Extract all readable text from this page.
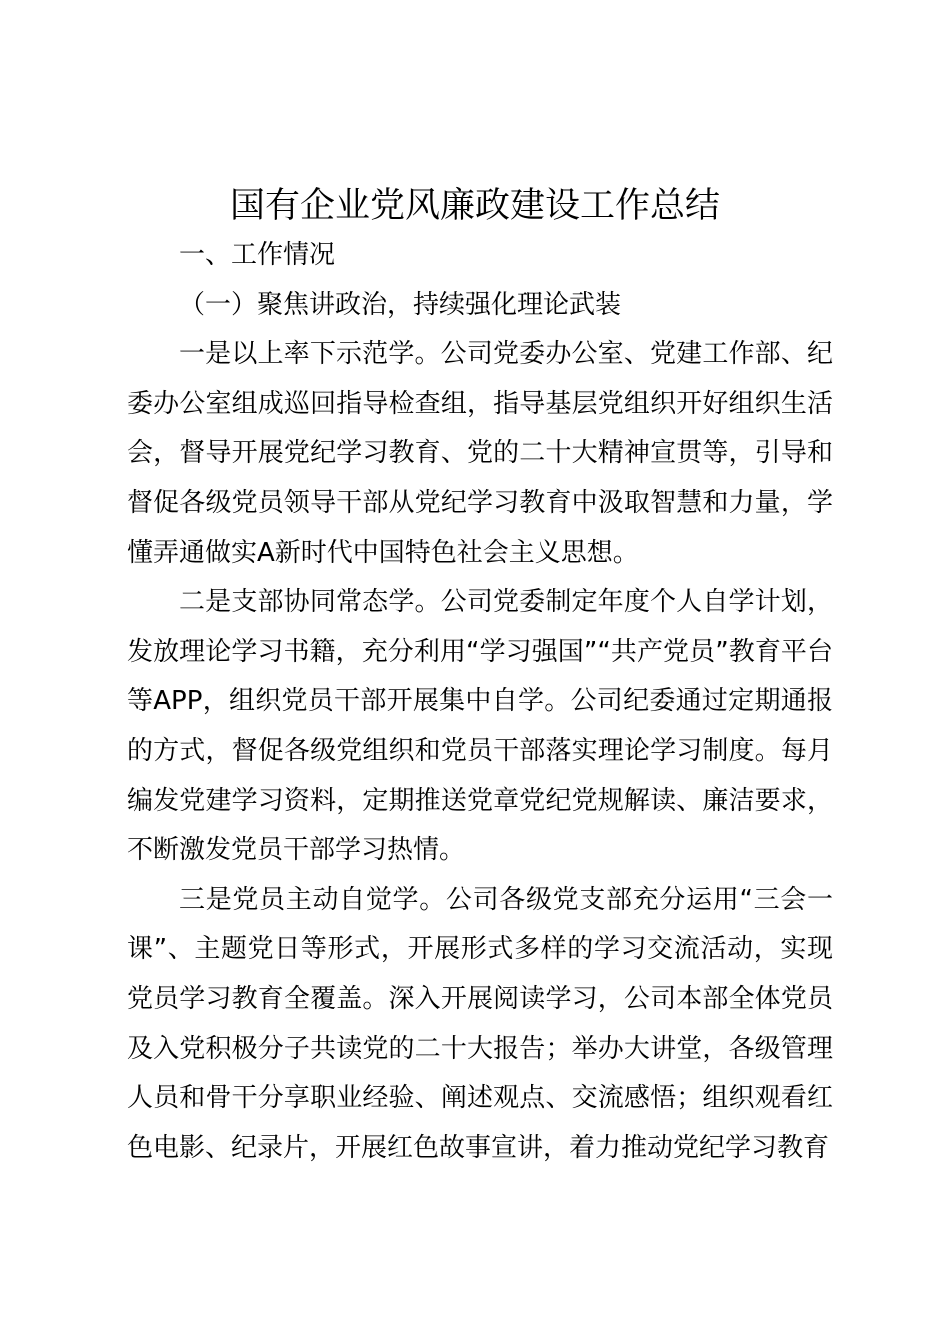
国有企业党风廉政建设工作总结

一、工作情况

（一）聚焦讲政治，持续强化理论武装

一是以上率下示范学。公司党委办公室、党建工作部、纪委办公室组成巡回指导检查组，指导基层党组织开好组织生活会，督导开展党纪学习教育、党的二十大精神宣贯等，引导和督促各级党员领导干部从党纪学习教育中汲取智慧和力量，学懂弄通做实A新时代中国特色社会主义思想。

二是支部协同常态学。公司党委制定年度个人自学计划，发放理论学习书籍，充分利用“学习强国”“共产党员”教育平台等APP，组织党员干部开展集中自学。公司纪委通过定期通报的方式，督促各级党组织和党员干部落实理论学习制度。每月编发党建学习资料，定期推送党章党纪党规解读、廉洁要求，不断激发党员干部学习热情。

三是党员主动自觉学。公司各级党支部充分运用“三会一课”、主题党日等形式，开展形式多样的学习交流活动，实现党员学习教育全覆盖。深入开展阅读学习，公司本部全体党员及入党积极分子共读党的二十大报告；举办大讲堂，各级管理人员和骨干分享职业经验、阐述观点、交流感悟；组织观看红色电影、纪录片，开展红色故事宣讲，着力推动党纪学习教育
